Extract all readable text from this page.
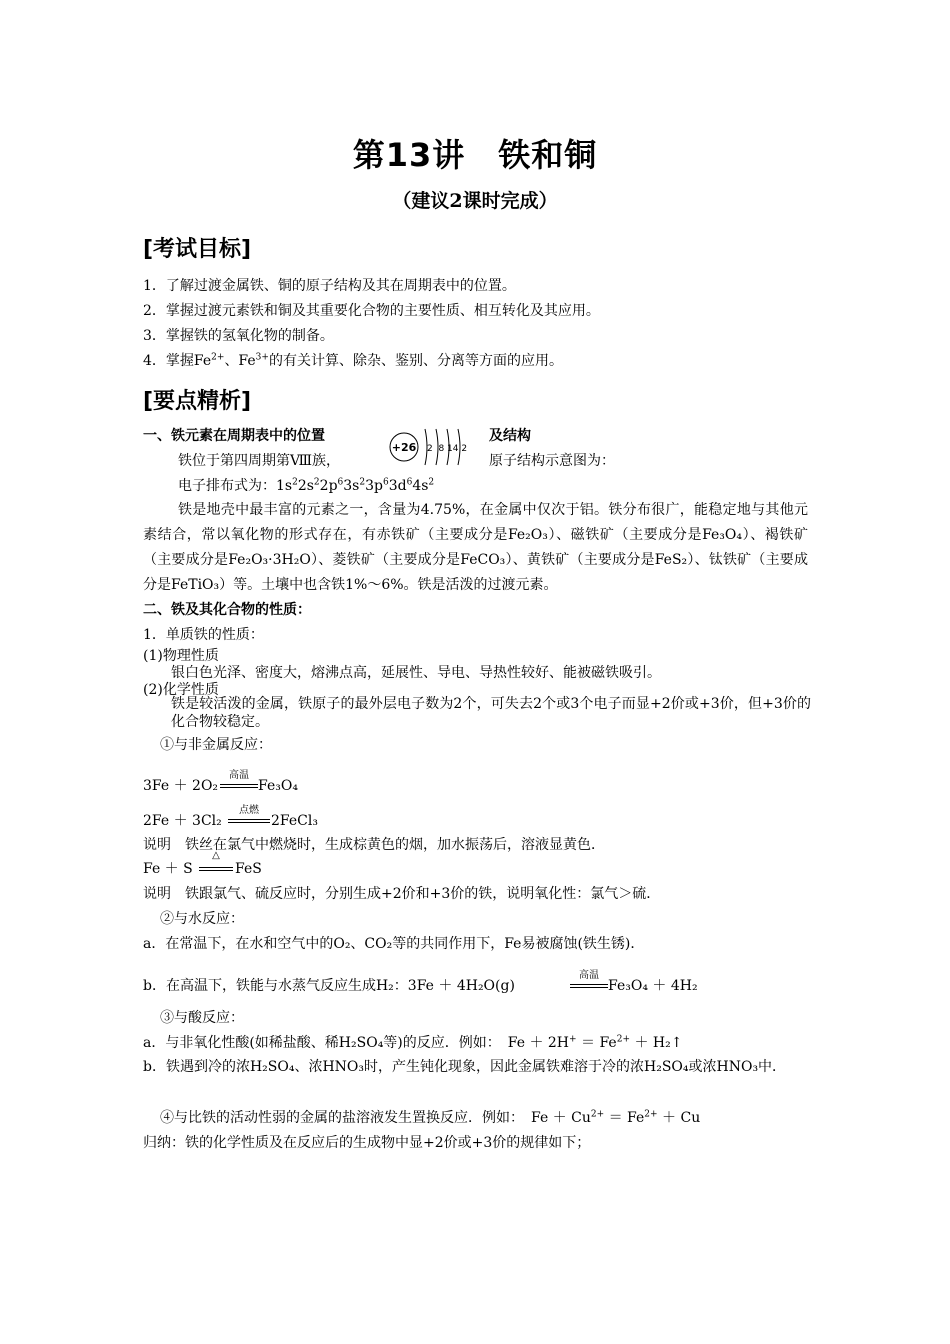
第13讲　铁和铜
（建议2课时完成）
[考试目标]
1．了解过渡金属铁、铜的原子结构及其在周期表中的位置。
2．掌握过渡元素铁和铜及其重要化合物的主要性质、相互转化及其应用。
3．掌握铁的氢氧化物的制备。
4．掌握$Fe^{2+}$、$Fe^{3+}$的有关计算、除杂、鉴别、分离等方面的应用。
[要点精析]
一、铁元素在周期表中的位置	及结构
+26 2  8 14 2
铁位于第四周期第Ⅷ族，	原子结构示意图为：
电子排布式为：$1s^22s^22p^63s^23p^63d^64s^2$
铁是地壳中最丰富的元素之一，含量为4.75%，在金属中仅次于铝。铁分布很广，能稳定地与其他元素结合，常以氧化物的形式存在，有赤铁矿（主要成分是Fe₂O₃）、磁铁矿（主要成分是Fe₃O₄）、褐铁矿（主要成分是Fe₂O₃·3H₂O）、菱铁矿（主要成分是FeCO₃）、黄铁矿（主要成分是FeS₂）、钛铁矿（主要成分是FeTiO₃）等。土壤中也含铁1%～6%。铁是活泼的过渡元素。
二、铁及其化合物的性质：
1．单质铁的性质：
(1)物理性质
银白色光泽、密度大，熔沸点高，延展性、导电、导热性较好、能被磁铁吸引。
(2)化学性质
铁是较活泼的金属，铁原子的最外层电子数为2个，可失去2个或3个电子而显+2价或+3价，但+3价的化合物较稳定。
①与非金属反应：
3Fe ＋ 2O₂
高温
Fe₃O₄
2Fe ＋ 3Cl₂
点燃
2FeCl₃
说明　铁丝在氯气中燃烧时，生成棕黄色的烟，加水振荡后，溶液显黄色．
Fe ＋ S
△
FeS
说明　铁跟氯气、硫反应时，分别生成+2价和+3价的铁，说明氧化性：氯气＞硫．
②与水反应：
a．在常温下，在水和空气中的O₂、CO₂等的共同作用下，Fe易被腐蚀(铁生锈)．
b．在高温下，铁能与水蒸气反应生成H₂：3Fe ＋ 4H₂O(g)
高温
Fe₃O₄ ＋ 4H₂
③与酸反应：
a．与非氧化性酸(如稀盐酸、稀H₂SO₄等)的反应．例如：　$Fe + 2H^+ = Fe^{2+}$ ＋ H₂↑
b．铁遇到冷的浓H₂SO₄、浓HNO₃时，产生钝化现象，因此金属铁难溶于冷的浓H₂SO₄或浓HNO₃中．
④与比铁的活动性弱的金属的盐溶液发生置换反应．例如：　$Fe + Cu^{2+} = Fe^{2+} + Cu$
归纳：铁的化学性质及在反应后的生成物中显+2价或+3价的规律如下；
